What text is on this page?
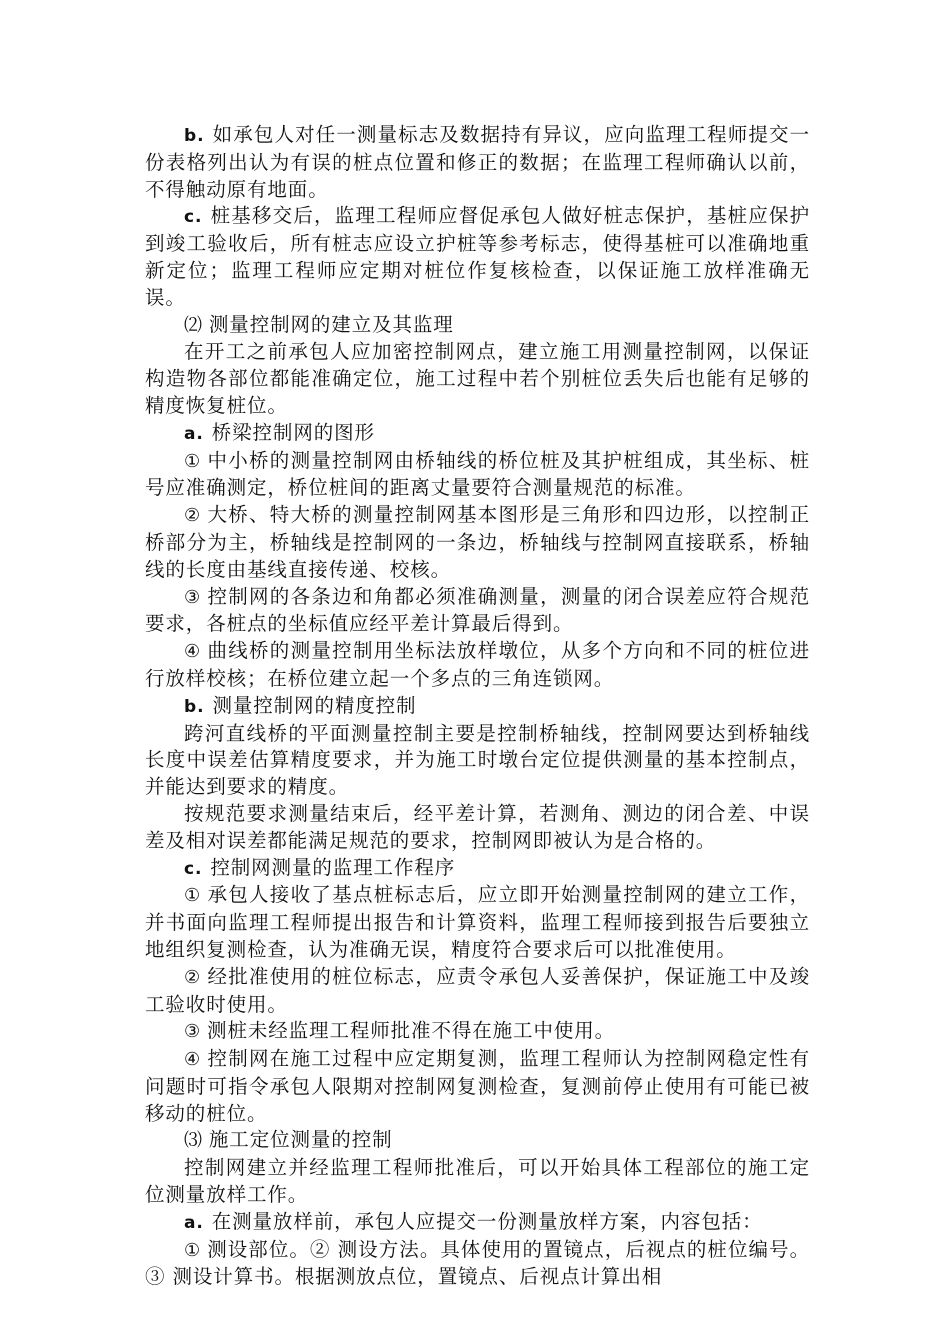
b. 如承包人对任一测量标志及数据持有异议，应向监理工程师提交一份表格列出认为有误的桩点位置和修正的数据；在监理工程师确认以前，不得触动原有地面。

c. 桩基移交后，监理工程师应督促承包人做好桩志保护，基桩应保护到竣工验收后，所有桩志应设立护桩等参考标志，使得基桩可以准确地重新定位；监理工程师应定期对桩位作复核检查，以保证施工放样准确无误。

⑵ 测量控制网的建立及其监理

在开工之前承包人应加密控制网点，建立施工用测量控制网，以保证构造物各部位都能准确定位，施工过程中若个别桩位丢失后也能有足够的精度恢复桩位。

a. 桥梁控制网的图形

① 中小桥的测量控制网由桥轴线的桥位桩及其护桩组成，其坐标、桩号应准确测定，桥位桩间的距离丈量要符合测量规范的标准。

② 大桥、特大桥的测量控制网基本图形是三角形和四边形，以控制正桥部分为主，桥轴线是控制网的一条边，桥轴线与控制网直接联系，桥轴线的长度由基线直接传递、校核。

③ 控制网的各条边和角都必须准确测量，测量的闭合误差应符合规范要求，各桩点的坐标值应经平差计算最后得到。

④ 曲线桥的测量控制用坐标法放样墩位，从多个方向和不同的桩位进行放样校核；在桥位建立起一个多点的三角连锁网。

b. 测量控制网的精度控制

跨河直线桥的平面测量控制主要是控制桥轴线，控制网要达到桥轴线长度中误差估算精度要求，并为施工时墩台定位提供测量的基本控制点，并能达到要求的精度。

按规范要求测量结束后，经平差计算，若测角、测边的闭合差、中误差及相对误差都能满足规范的要求，控制网即被认为是合格的。

c. 控制网测量的监理工作程序

① 承包人接收了基点桩标志后，应立即开始测量控制网的建立工作，并书面向监理工程师提出报告和计算资料，监理工程师接到报告后要独立地组织复测检查，认为准确无误，精度符合要求后可以批准使用。

② 经批准使用的桩位标志，应责令承包人妥善保护，保证施工中及竣工验收时使用。

③ 测桩未经监理工程师批准不得在施工中使用。

④ 控制网在施工过程中应定期复测，监理工程师认为控制网稳定性有问题时可指令承包人限期对控制网复测检查，复测前停止使用有可能已被移动的桩位。

⑶ 施工定位测量的控制

控制网建立并经监理工程师批准后，可以开始具体工程部位的施工定位测量放样工作。

a. 在测量放样前，承包人应提交一份测量放样方案，内容包括：

① 测设部位。② 测设方法。具体使用的置镜点，后视点的桩位编号。③ 测设计算书。根据测放点位，置镜点、后视点计算出相
